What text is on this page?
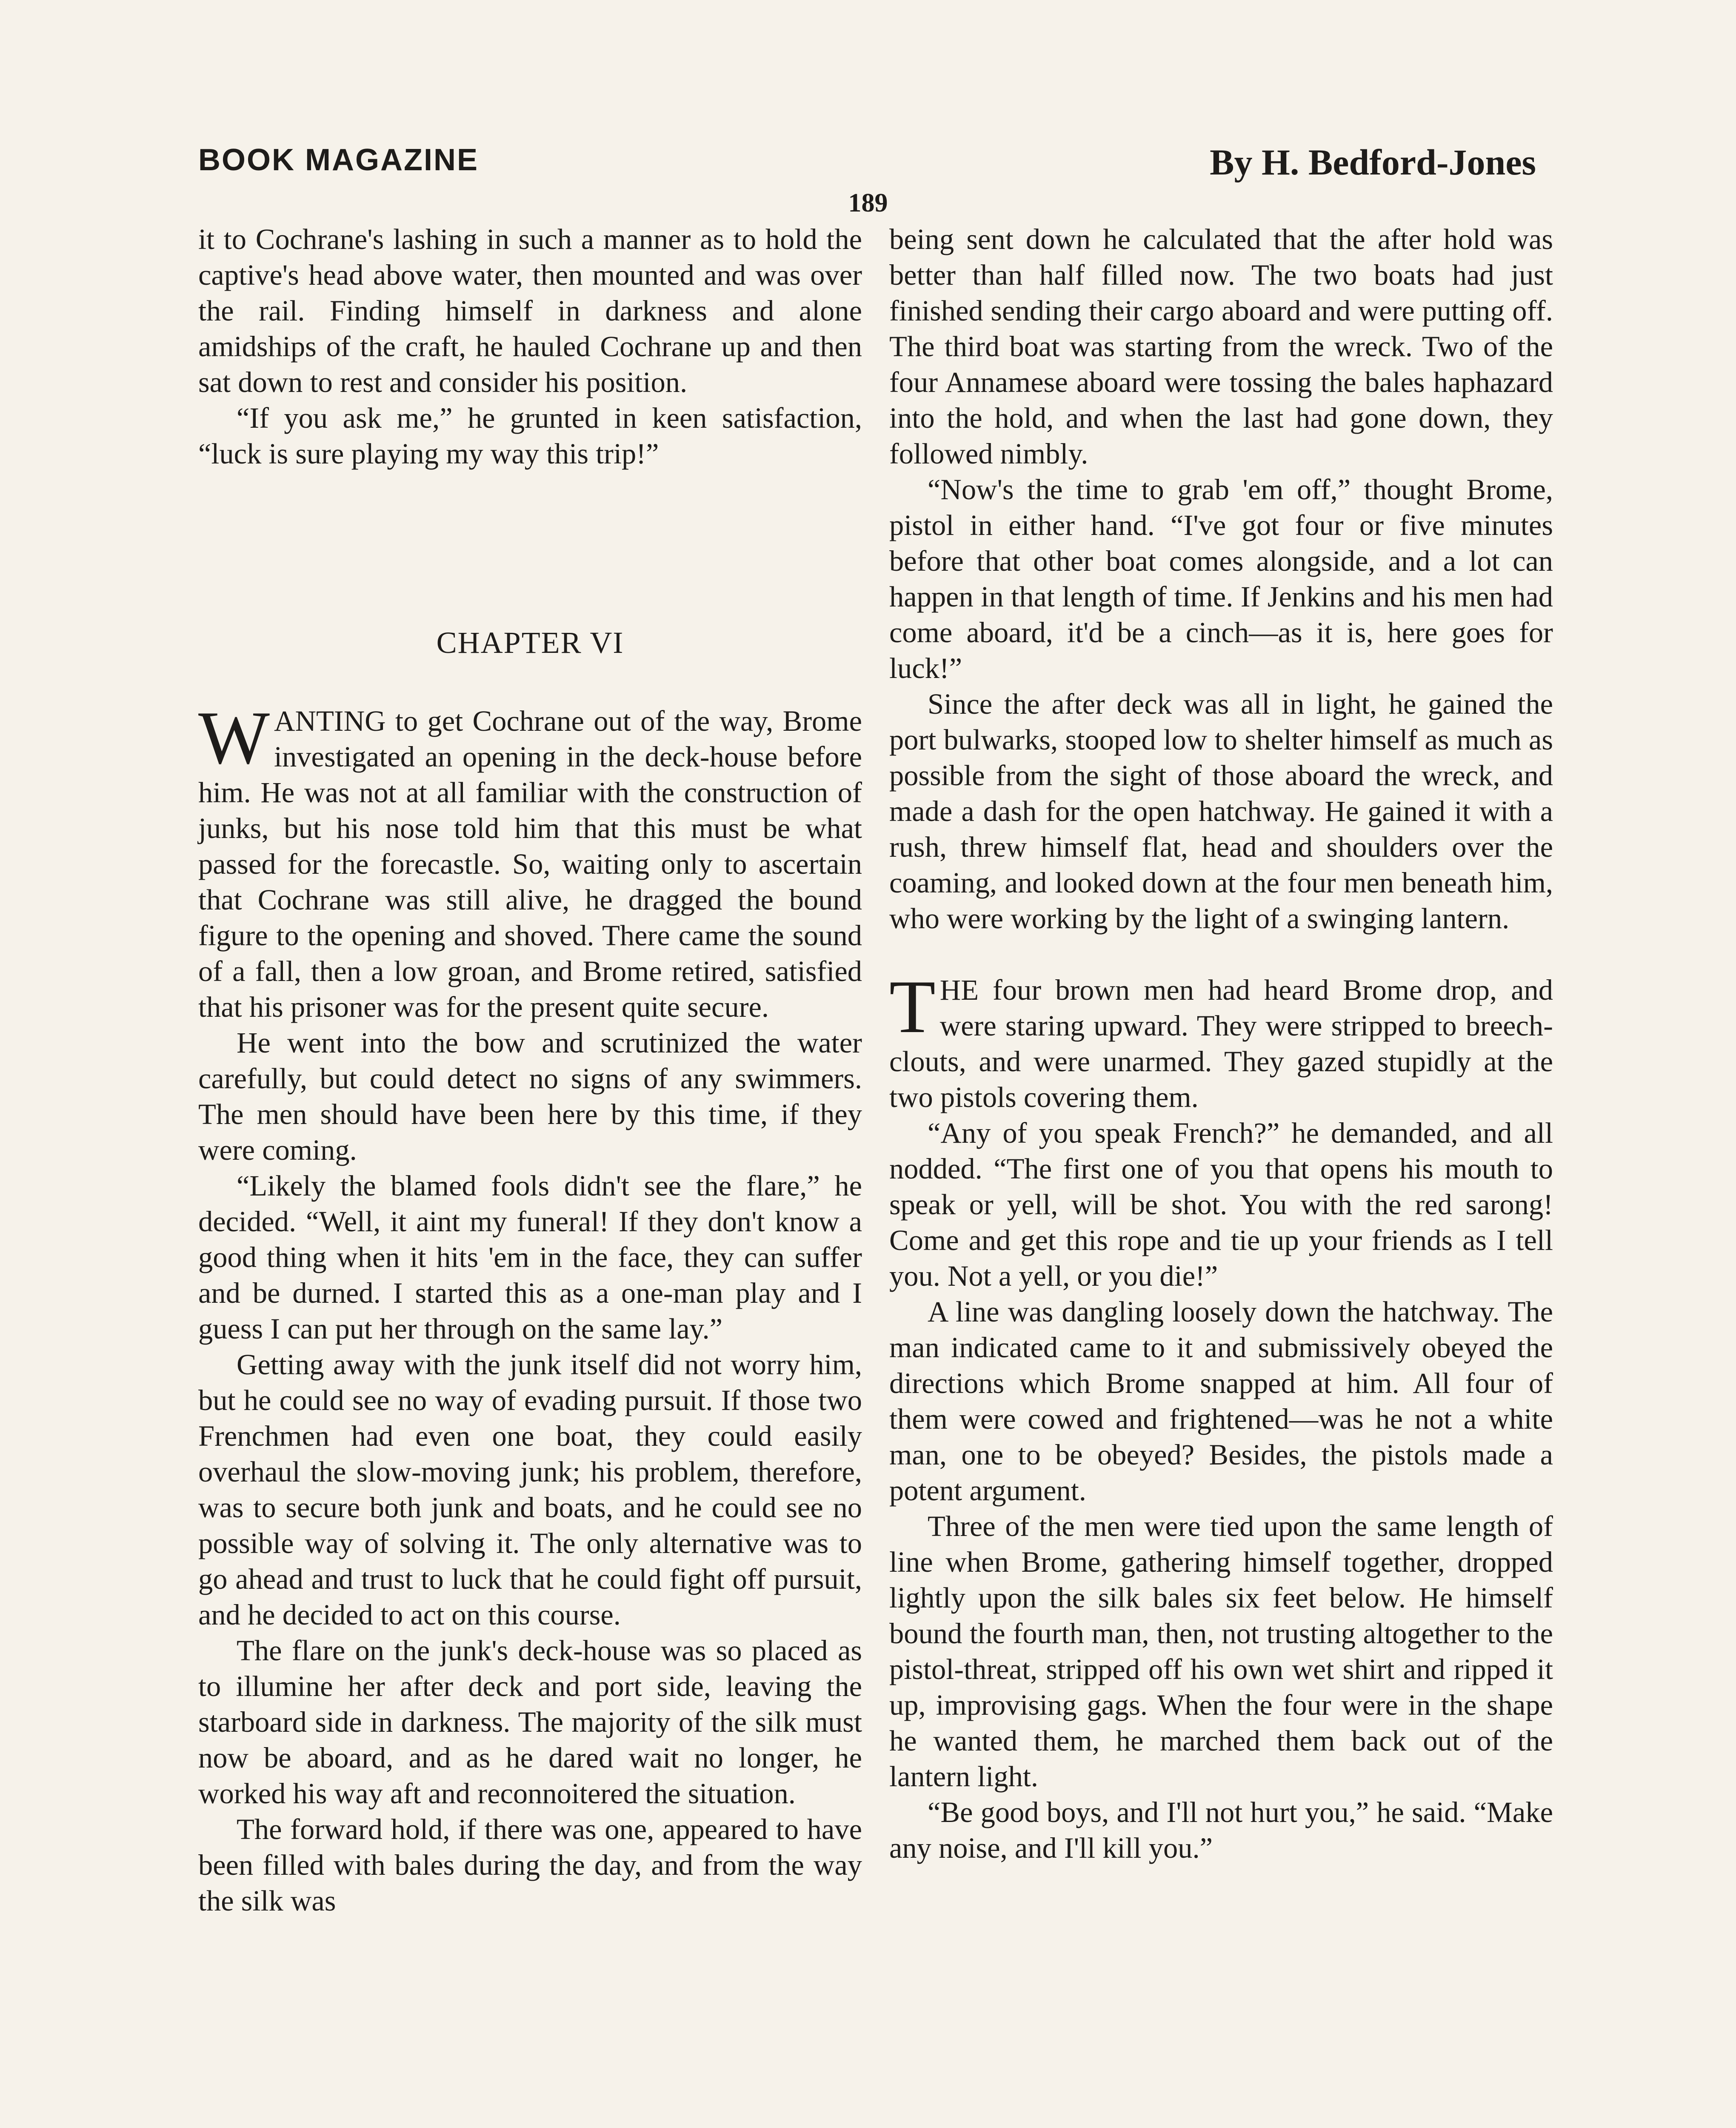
BOOK MAGAZINE	By H. Bedford-Jones
189

it to Cochrane's lashing in such a manner as to hold the captive's head above water, then mounted and was over the rail. Finding himself in darkness and alone amidships of the craft, he hauled Cochrane up and then sat down to rest and consider his position.

“If you ask me,” he grunted in keen satisfaction, “luck is sure playing my way this trip!”

CHAPTER VI

WANTING to get Cochrane out of the way, Brome investigated an opening in the deck-house before him. He was not at all familiar with the construction of junks, but his nose told him that this must be what passed for the forecastle. So, waiting only to ascertain that Cochrane was still alive, he dragged the bound figure to the opening and shoved. There came the sound of a fall, then a low groan, and Brome retired, satisfied that his prisoner was for the present quite secure.

He went into the bow and scrutinized the water carefully, but could detect no signs of any swimmers. The men should have been here by this time, if they were coming.

“Likely the blamed fools didn't see the flare,” he decided. “Well, it aint my funeral! If they don't know a good thing when it hits 'em in the face, they can suffer and be durned. I started this as a one-man play and I guess I can put her through on the same lay.”

Getting away with the junk itself did not worry him, but he could see no way of evading pursuit. If those two Frenchmen had even one boat, they could easily overhaul the slow-moving junk; his problem, therefore, was to secure both junk and boats, and he could see no possible way of solving it. The only alternative was to go ahead and trust to luck that he could fight off pursuit, and he decided to act on this course.

The flare on the junk's deck-house was so placed as to illumine her after deck and port side, leaving the starboard side in darkness. The majority of the silk must now be aboard, and as he dared wait no longer, he worked his way aft and reconnoitered the situation.

The forward hold, if there was one, appeared to have been filled with bales during the day, and from the way the silk was

being sent down he calculated that the after hold was better than half filled now. The two boats had just finished sending their cargo aboard and were putting off. The third boat was starting from the wreck. Two of the four Annamese aboard were tossing the bales haphazard into the hold, and when the last had gone down, they followed nimbly.

“Now's the time to grab 'em off,” thought Brome, pistol in either hand. “I've got four or five minutes before that other boat comes alongside, and a lot can happen in that length of time. If Jenkins and his men had come aboard, it'd be a cinch—as it is, here goes for luck!”

Since the after deck was all in light, he gained the port bulwarks, stooped low to shelter himself as much as possible from the sight of those aboard the wreck, and made a dash for the open hatchway. He gained it with a rush, threw himself flat, head and shoulders over the coaming, and looked down at the four men beneath him, who were working by the light of a swinging lantern.

THE four brown men had heard Brome drop, and were staring upward. They were stripped to breech-clouts, and were unarmed. They gazed stupidly at the two pistols covering them.

“Any of you speak French?” he demanded, and all nodded. “The first one of you that opens his mouth to speak or yell, will be shot. You with the red sarong! Come and get this rope and tie up your friends as I tell you. Not a yell, or you die!”

A line was dangling loosely down the hatchway. The man indicated came to it and submissively obeyed the directions which Brome snapped at him. All four of them were cowed and frightened—was he not a white man, one to be obeyed? Besides, the pistols made a potent argument.

Three of the men were tied upon the same length of line when Brome, gathering himself together, dropped lightly upon the silk bales six feet below. He himself bound the fourth man, then, not trusting altogether to the pistol-threat, stripped off his own wet shirt and ripped it up, improvising gags. When the four were in the shape he wanted them, he marched them back out of the lantern light.

“Be good boys, and I'll not hurt you,” he said. “Make any noise, and I'll kill you.”
